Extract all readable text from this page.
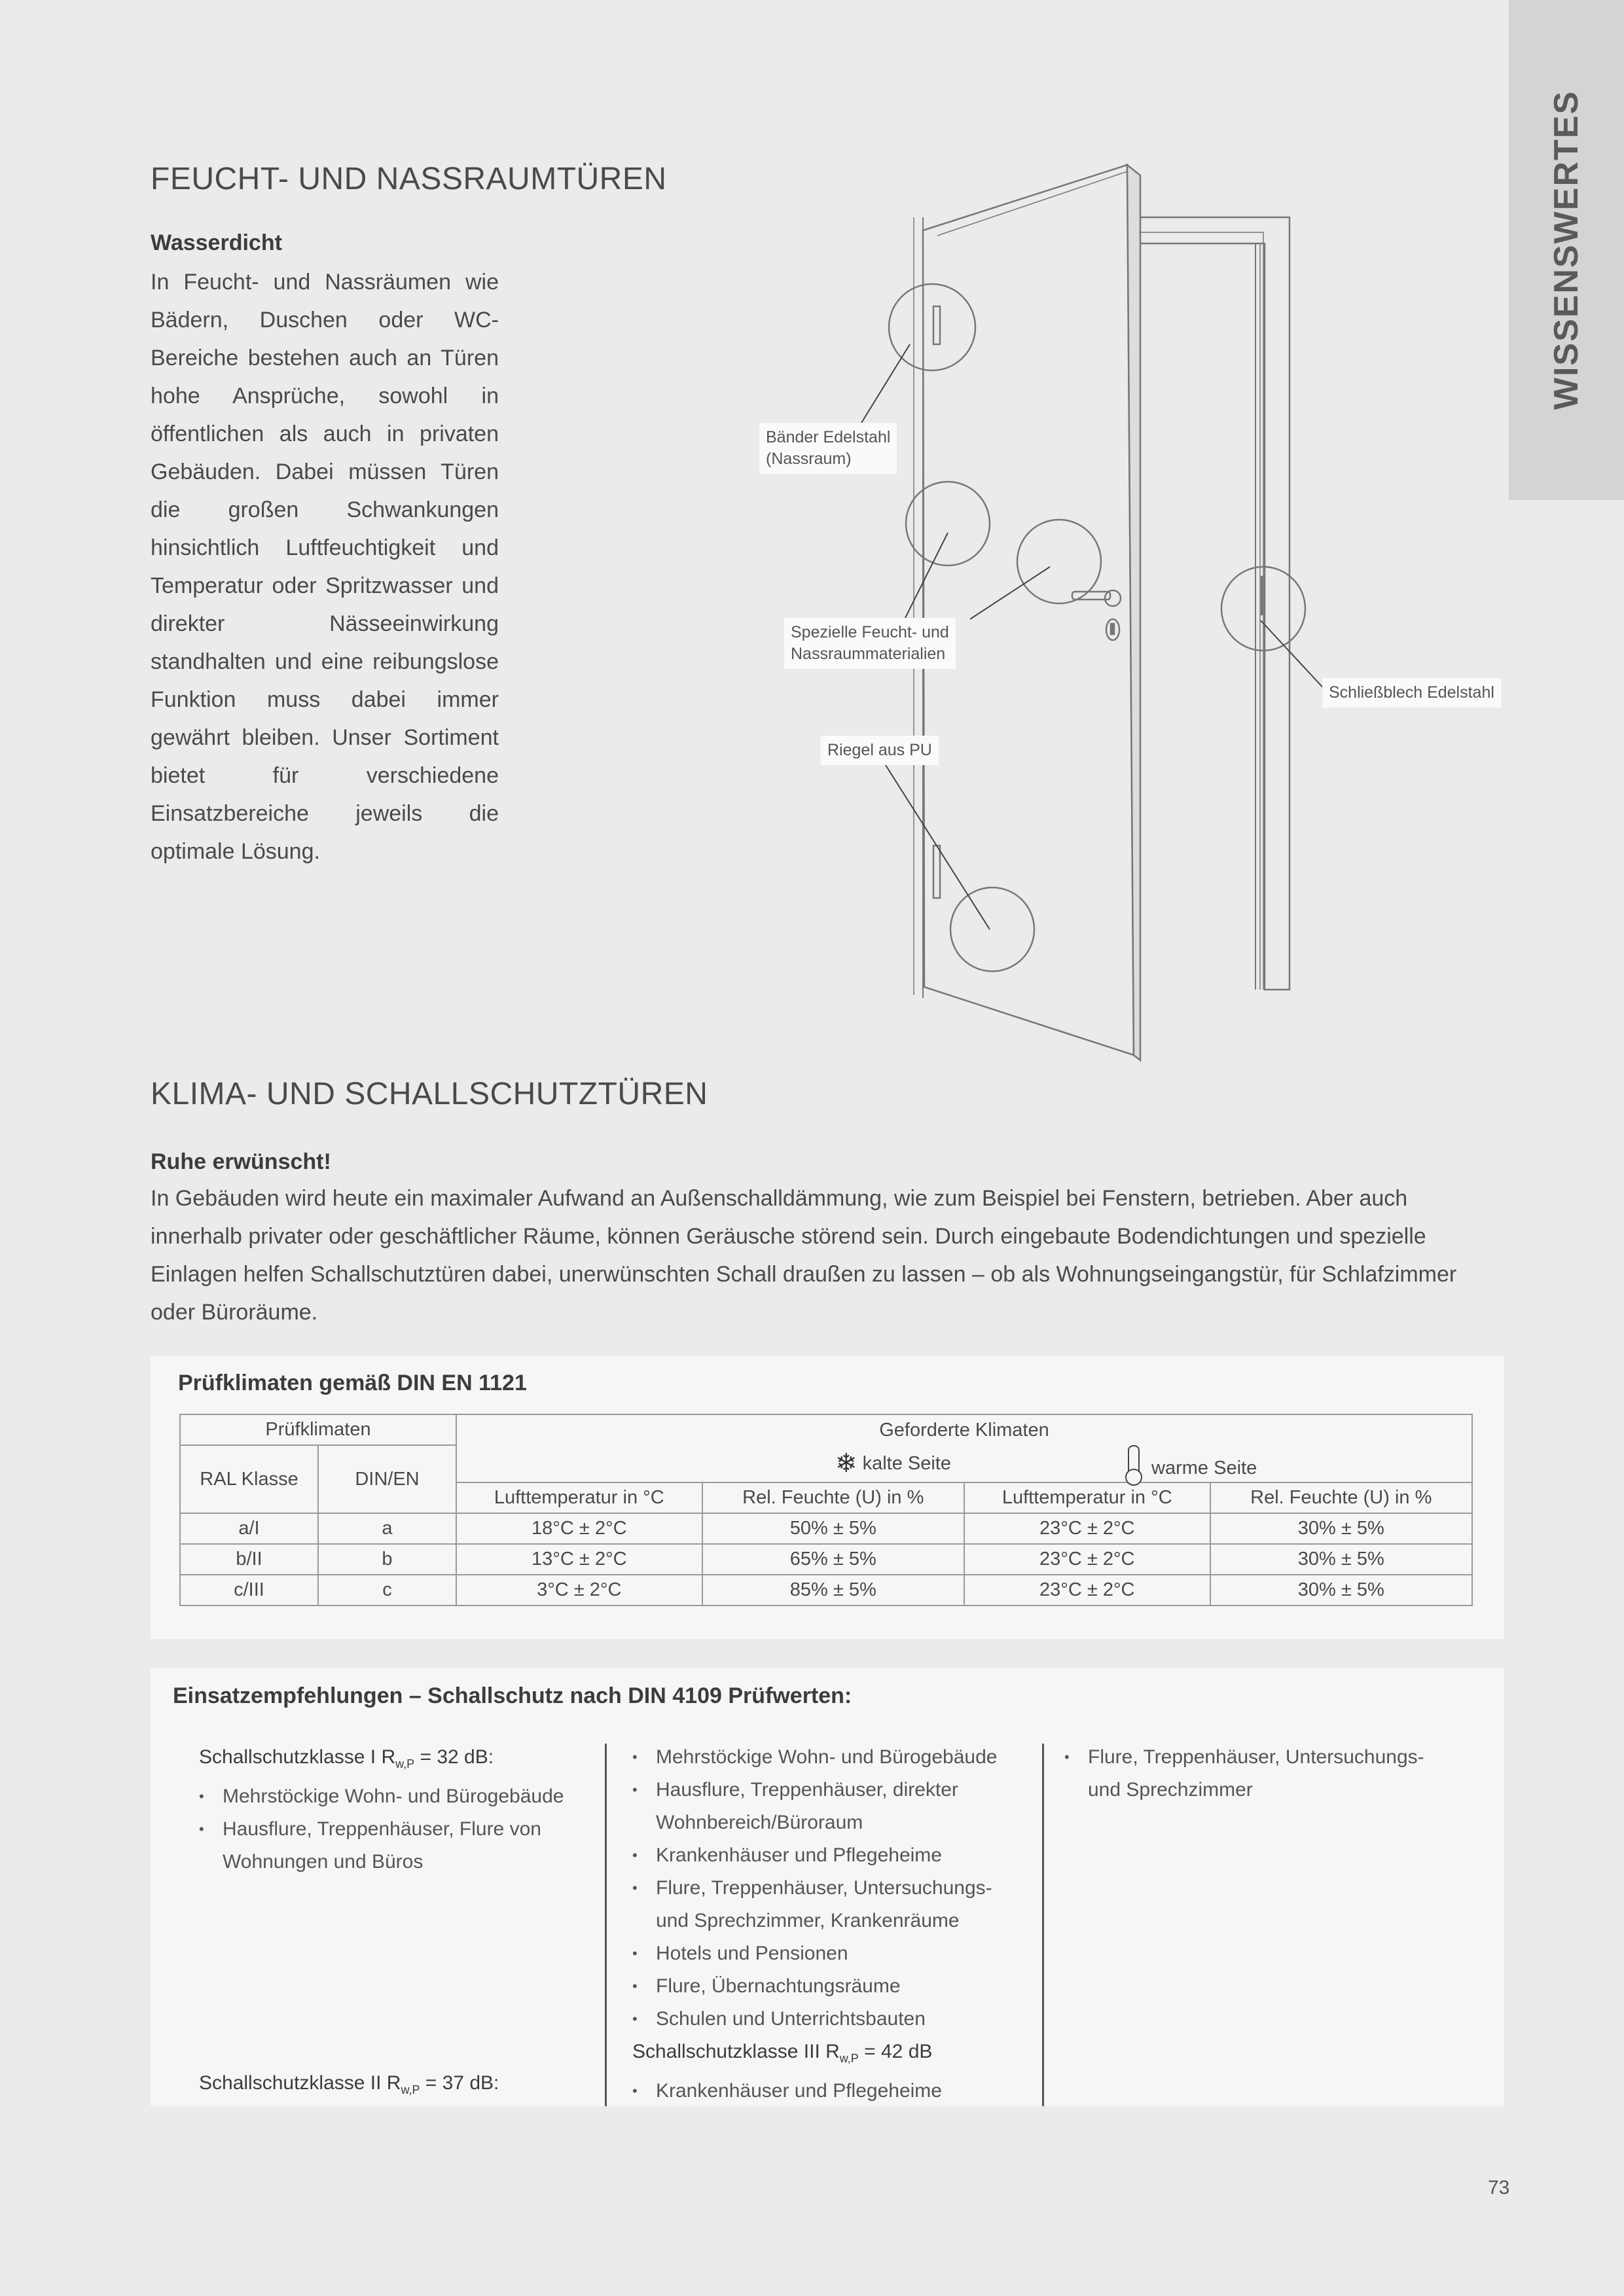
WISSENSWERTES
FEUCHT- UND NASSRAUMTÜREN
Wasserdicht
In Feucht- und Nassräumen wie Bädern, Duschen oder WC-Bereiche bestehen auch an Türen hohe Ansprüche, sowohl in öffentlichen als auch in privaten Gebäuden. Dabei müssen Türen die großen Schwankungen hinsichtlich Luftfeuchtigkeit und Temperatur oder Spritzwasser und direkter Nässeeinwirkung standhalten und eine reibungslose Funktion muss dabei immer gewährt bleiben. Unser Sortiment bietet für verschiedene Einsatzbereiche jeweils die optimale Lösung.
Bänder Edelstahl
(Nassraum)
Spezielle Feucht- und
Nassraummaterialien
Riegel aus PU
Schließblech Edelstahl
KLIMA- UND SCHALLSCHUTZTÜREN
Ruhe erwünscht!
In Gebäuden wird heute ein maximaler Aufwand an Außenschalldämmung, wie zum Beispiel bei Fenstern, betrieben. Aber auch innerhalb privater oder geschäftlicher Räume, können Geräusche störend sein. Durch eingebaute Bodendichtungen und spezielle Einlagen helfen Schallschutztüren dabei, unerwünschten Schall draußen zu lassen – ob als Wohnungseingangstür, für Schlafzimmer oder Büroräume.
Prüfklimaten gemäß DIN EN 1121
Prüfklimaten		Geforderte Klimaten			
RAL Klasse	DIN/EN	❄ kalte Seite		warme Seite	
		Lufttemperatur in °C	Rel. Feuchte (U) in %	Lufttemperatur in °C	Rel. Feuchte (U) in %
a/I	a	18°C ± 2°C	50% ± 5%	23°C ± 2°C	30% ± 5%
b/II	b	13°C ± 2°C	65% ± 5%	23°C ± 2°C	30% ± 5%
c/III	c	3°C ± 2°C	85% ± 5%	23°C ± 2°C	30% ± 5%
Einsatzempfehlungen – Schallschutz nach DIN 4109 Prüfwerten:
Schallschutzklasse I $R_{w,P} = 32$ dB:
• Mehrstöckige Wohn- und Bürogebäude
• Hausflure, Treppenhäuser, Flure von Wohnungen und Büros
Schallschutzklasse II $R_{w,P} = 37$ dB:
• Mehrstöckige Wohn- und Bürogebäude
• Hausflure, Treppenhäuser, direkter Wohnbereich/Büroraum
• Krankenhäuser und Pflegeheime
• Flure, Treppenhäuser, Untersuchungs- und Sprechzimmer, Krankenräume
• Hotels und Pensionen
• Flure, Übernachtungsräume
• Schulen und Unterrichtsbauten
Schallschutzklasse III $R_{w,P} = 42$ dB
• Krankenhäuser und Pflegeheime
• Flure, Treppenhäuser, Untersuchungs- und Sprechzimmer
73
